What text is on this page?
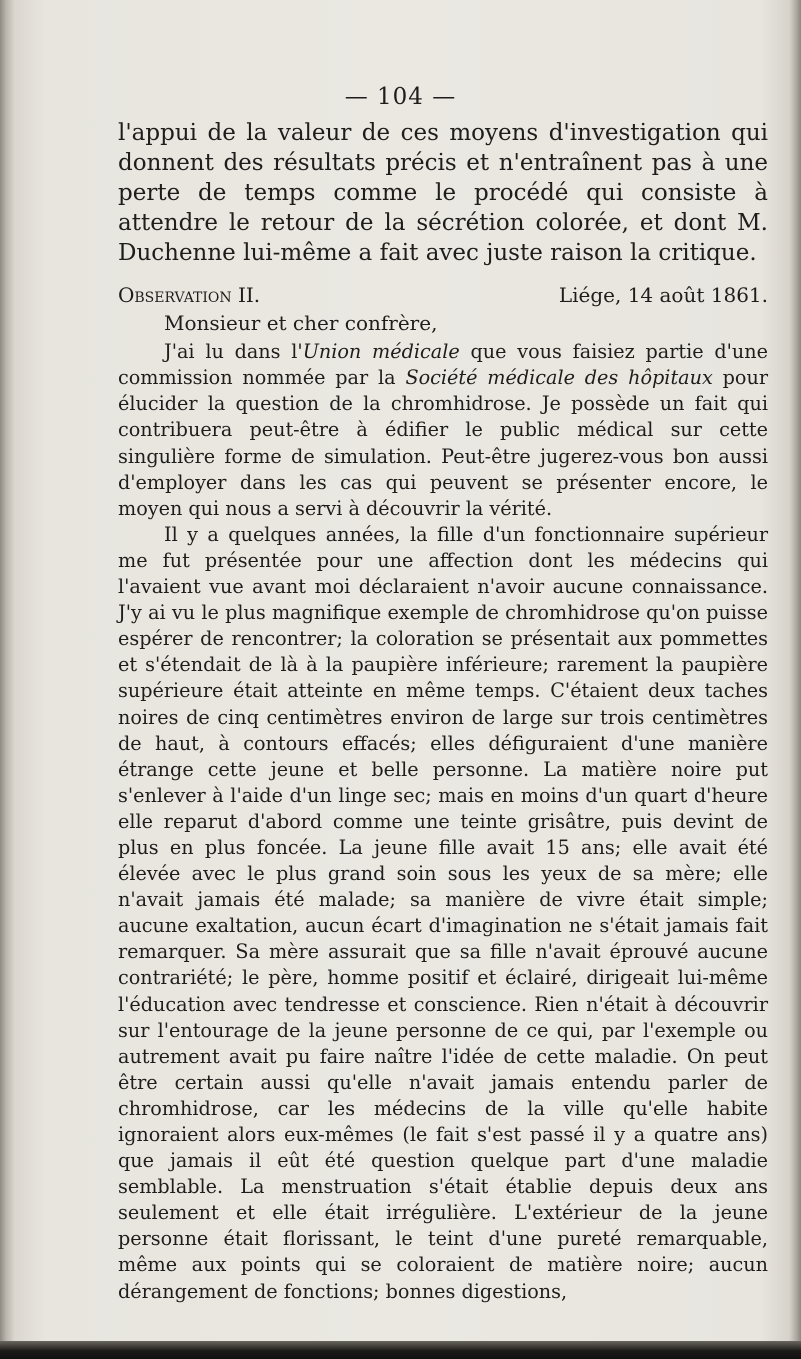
— 104 —

l'appui de la valeur de ces moyens d'investigation qui donnent des résultats précis et n'entraînent pas à une perte de temps comme le procédé qui consiste à attendre le retour de la sécrétion colorée, et dont M. Duchenne lui-même a fait avec juste raison la critique.

Observation II.	Liége, 14 août 1861.
Monsieur et cher confrère,

J'ai lu dans l'Union médicale que vous faisiez partie d'une commission nommée par la Société médicale des hôpitaux pour élucider la question de la chromhidrose. Je possède un fait qui contribuera peut-être à édifier le public médical sur cette singulière forme de simulation. Peut-être jugerez-vous bon aussi d'employer dans les cas qui peuvent se présenter encore, le moyen qui nous a servi à découvrir la vérité.

Il y a quelques années, la fille d'un fonctionnaire supérieur me fut présentée pour une affection dont les médecins qui l'avaient vue avant moi déclaraient n'avoir aucune connaissance. J'y ai vu le plus magnifique exemple de chromhidrose qu'on puisse espérer de rencontrer; la coloration se présentait aux pommettes et s'étendait de là à la paupière inférieure; rarement la paupière supérieure était atteinte en même temps. C'étaient deux taches noires de cinq centimètres environ de large sur trois centimètres de haut, à contours effacés; elles défiguraient d'une manière étrange cette jeune et belle personne. La matière noire put s'enlever à l'aide d'un linge sec; mais en moins d'un quart d'heure elle reparut d'abord comme une teinte grisâtre, puis devint de plus en plus foncée. La jeune fille avait 15 ans; elle avait été élevée avec le plus grand soin sous les yeux de sa mère; elle n'avait jamais été malade; sa manière de vivre était simple; aucune exaltation, aucun écart d'imagination ne s'était jamais fait remarquer. Sa mère assurait que sa fille n'avait éprouvé aucune contrariété; le père, homme positif et éclairé, dirigeait lui-même l'éducation avec tendresse et conscience. Rien n'était à découvrir sur l'entourage de la jeune personne de ce qui, par l'exemple ou autrement avait pu faire naître l'idée de cette maladie. On peut être certain aussi qu'elle n'avait jamais entendu parler de chromhidrose, car les médecins de la ville qu'elle habite ignoraient alors eux-mêmes (le fait s'est passé il y a quatre ans) que jamais il eût été question quelque part d'une maladie semblable. La menstruation s'était établie depuis deux ans seulement et elle était irrégulière. L'extérieur de la jeune personne était florissant, le teint d'une pureté remarquable, même aux points qui se coloraient de matière noire; aucun dérangement de fonctions; bonnes digestions,
